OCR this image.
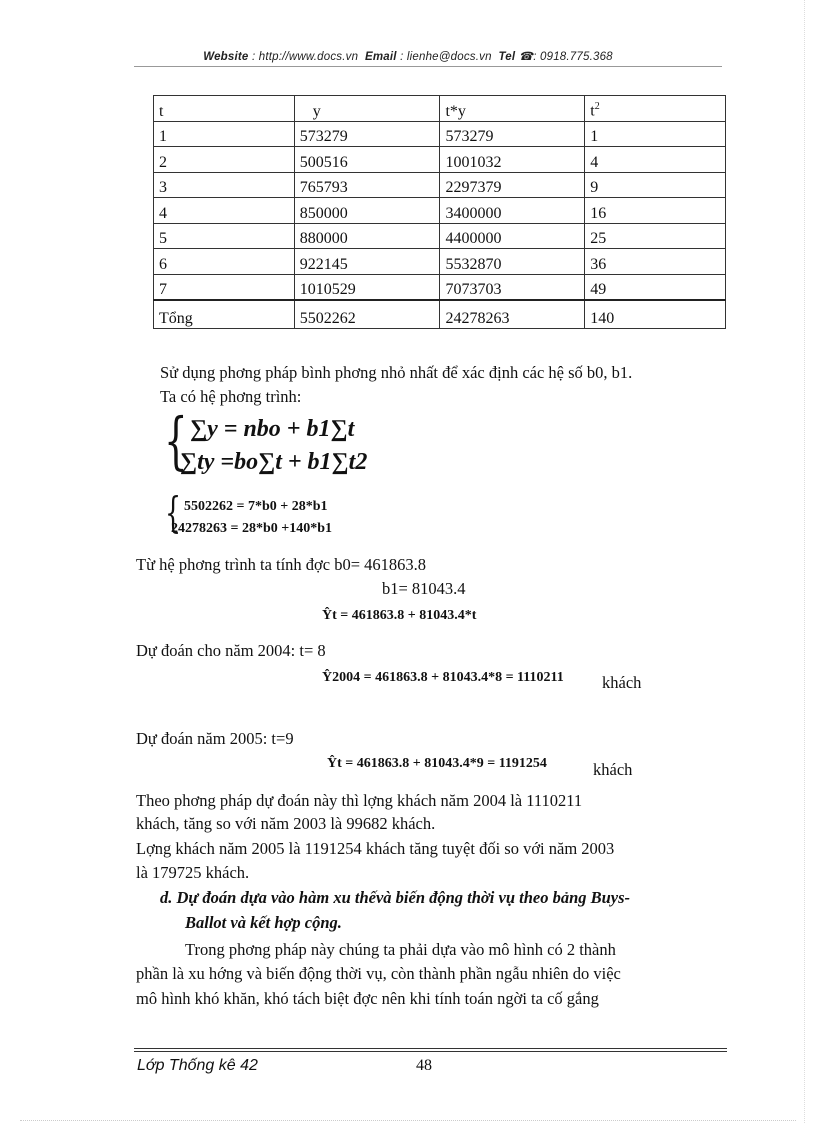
Website : http://www.docs.vn Email : lienhe@docs.vn Tel ☎: 0918.775.368
t	y	t*y	$t^2$
1	573279	573279	1
2	500516	1001032	4
3	765793	2297379	9
4	850000	3400000	16
5	880000	4400000	25
6	922145	5532870	36
7	1010529	7073703	49
Tổng	5502262	24278263	140
Sử dụng phơng pháp bình phơng nhỏ nhất để xác định các hệ số b0, b1.
Ta có hệ phơng trình:
{ ∑y = nbo + b1∑t
∑ty =bo∑t + b1∑t2
{ 5502262 = 7*b0 + 28*b1
24278263 = 28*b0 +140*b1
Từ hệ phơng trình ta tính đợc b0= 461863.8
b1= 81043.4
Ŷt = 461863.8 + 81043.4*t
Dự đoán cho năm 2004: t= 8
Ŷ2004 = 461863.8 + 81043.4*8 = 1110211 khách
Dự đoán năm 2005: t=9
Ŷt = 461863.8 + 81043.4*9 = 1191254	khách
Theo phơng pháp dự đoán này thì lợng khách năm 2004 là 1110211
khách, tăng so với năm 2003 là 99682 khách.
Lợng khách năm 2005 là 1191254 khách tăng tuyệt đối so với năm 2003
là 179725 khách.
d. Dự đoán dựa vào hàm xu thếvà biến động thời vụ theo bảng Buys-
Ballot và kết hợp cộng.
Trong phơng pháp này chúng ta phải dựa vào mô hình có 2 thành
phần là xu hớng và biến động thời vụ, còn thành phần ngẫu nhiên do việc
mô hình khó khăn, khó tách biệt đợc nên khi tính toán ngời ta cố gắng
Lớp Thống kê 42	48
